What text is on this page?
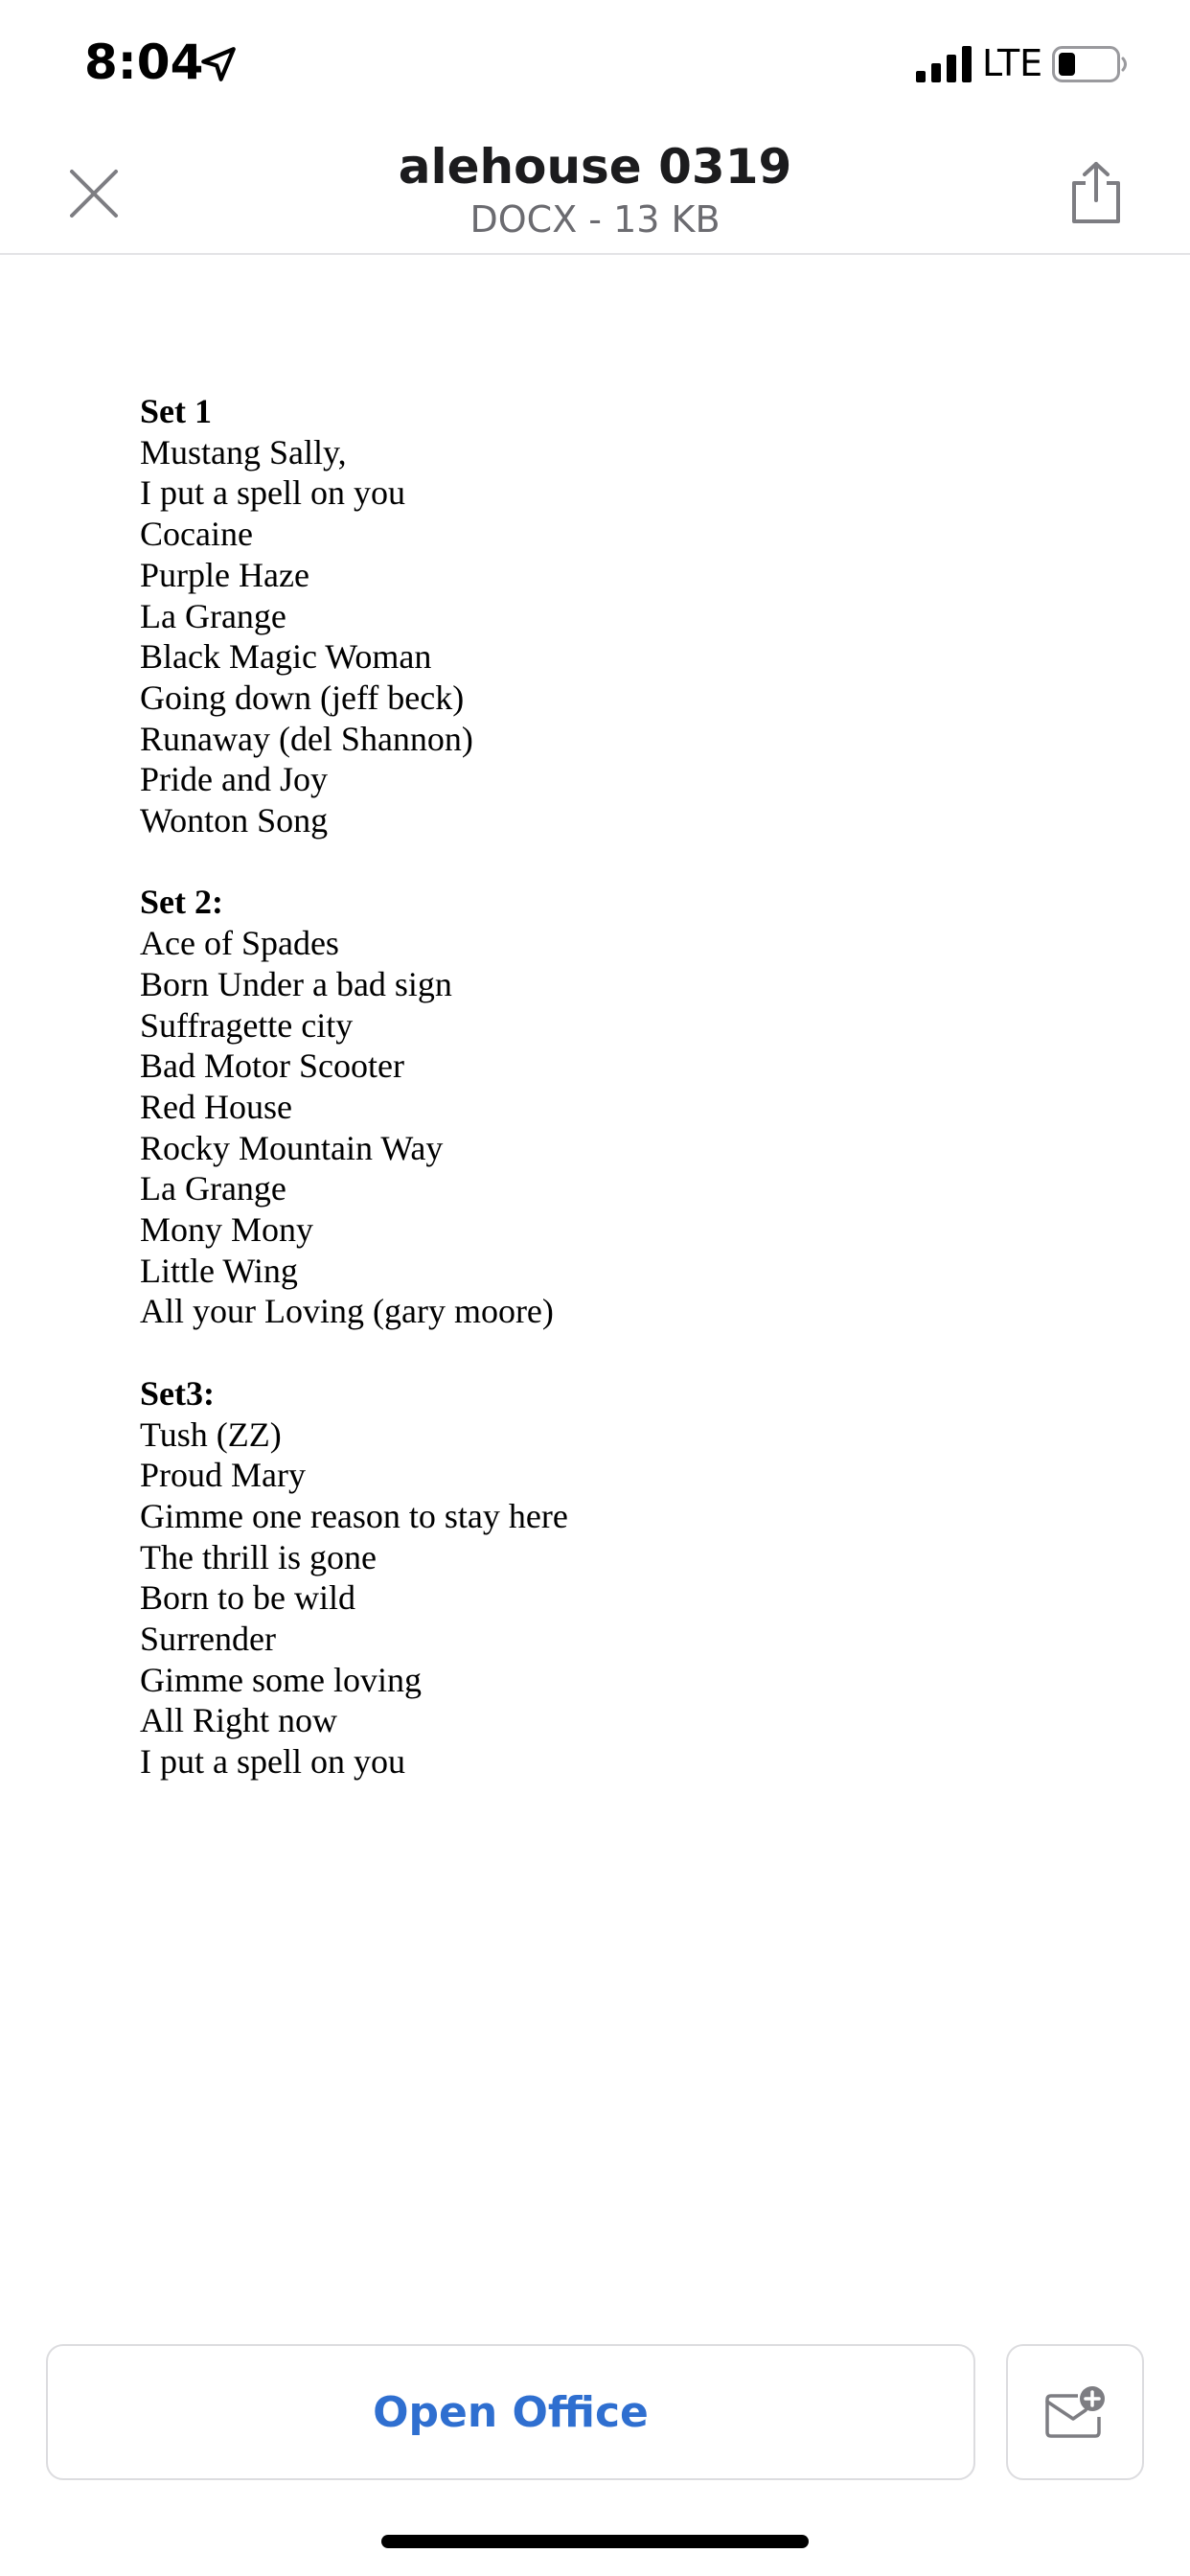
8:04	LTE
alehouse 0319
DOCX - 13 KB
Set 1
Mustang Sally,
I put a spell on you
Cocaine
Purple Haze
La Grange
Black Magic Woman
Going down (jeff beck)
Runaway (del Shannon)
Pride and Joy
Wonton Song
Set 2:
Ace of Spades
Born Under a bad sign
Suffragette city
Bad Motor Scooter
Red House
Rocky Mountain Way
La Grange
Mony Mony
Little Wing
All your Loving (gary moore)
Set3:
Tush (ZZ)
Proud Mary
Gimme one reason to stay here
The thrill is gone
Born to be wild
Surrender
Gimme some loving
All Right now
I put a spell on you
Open Office
